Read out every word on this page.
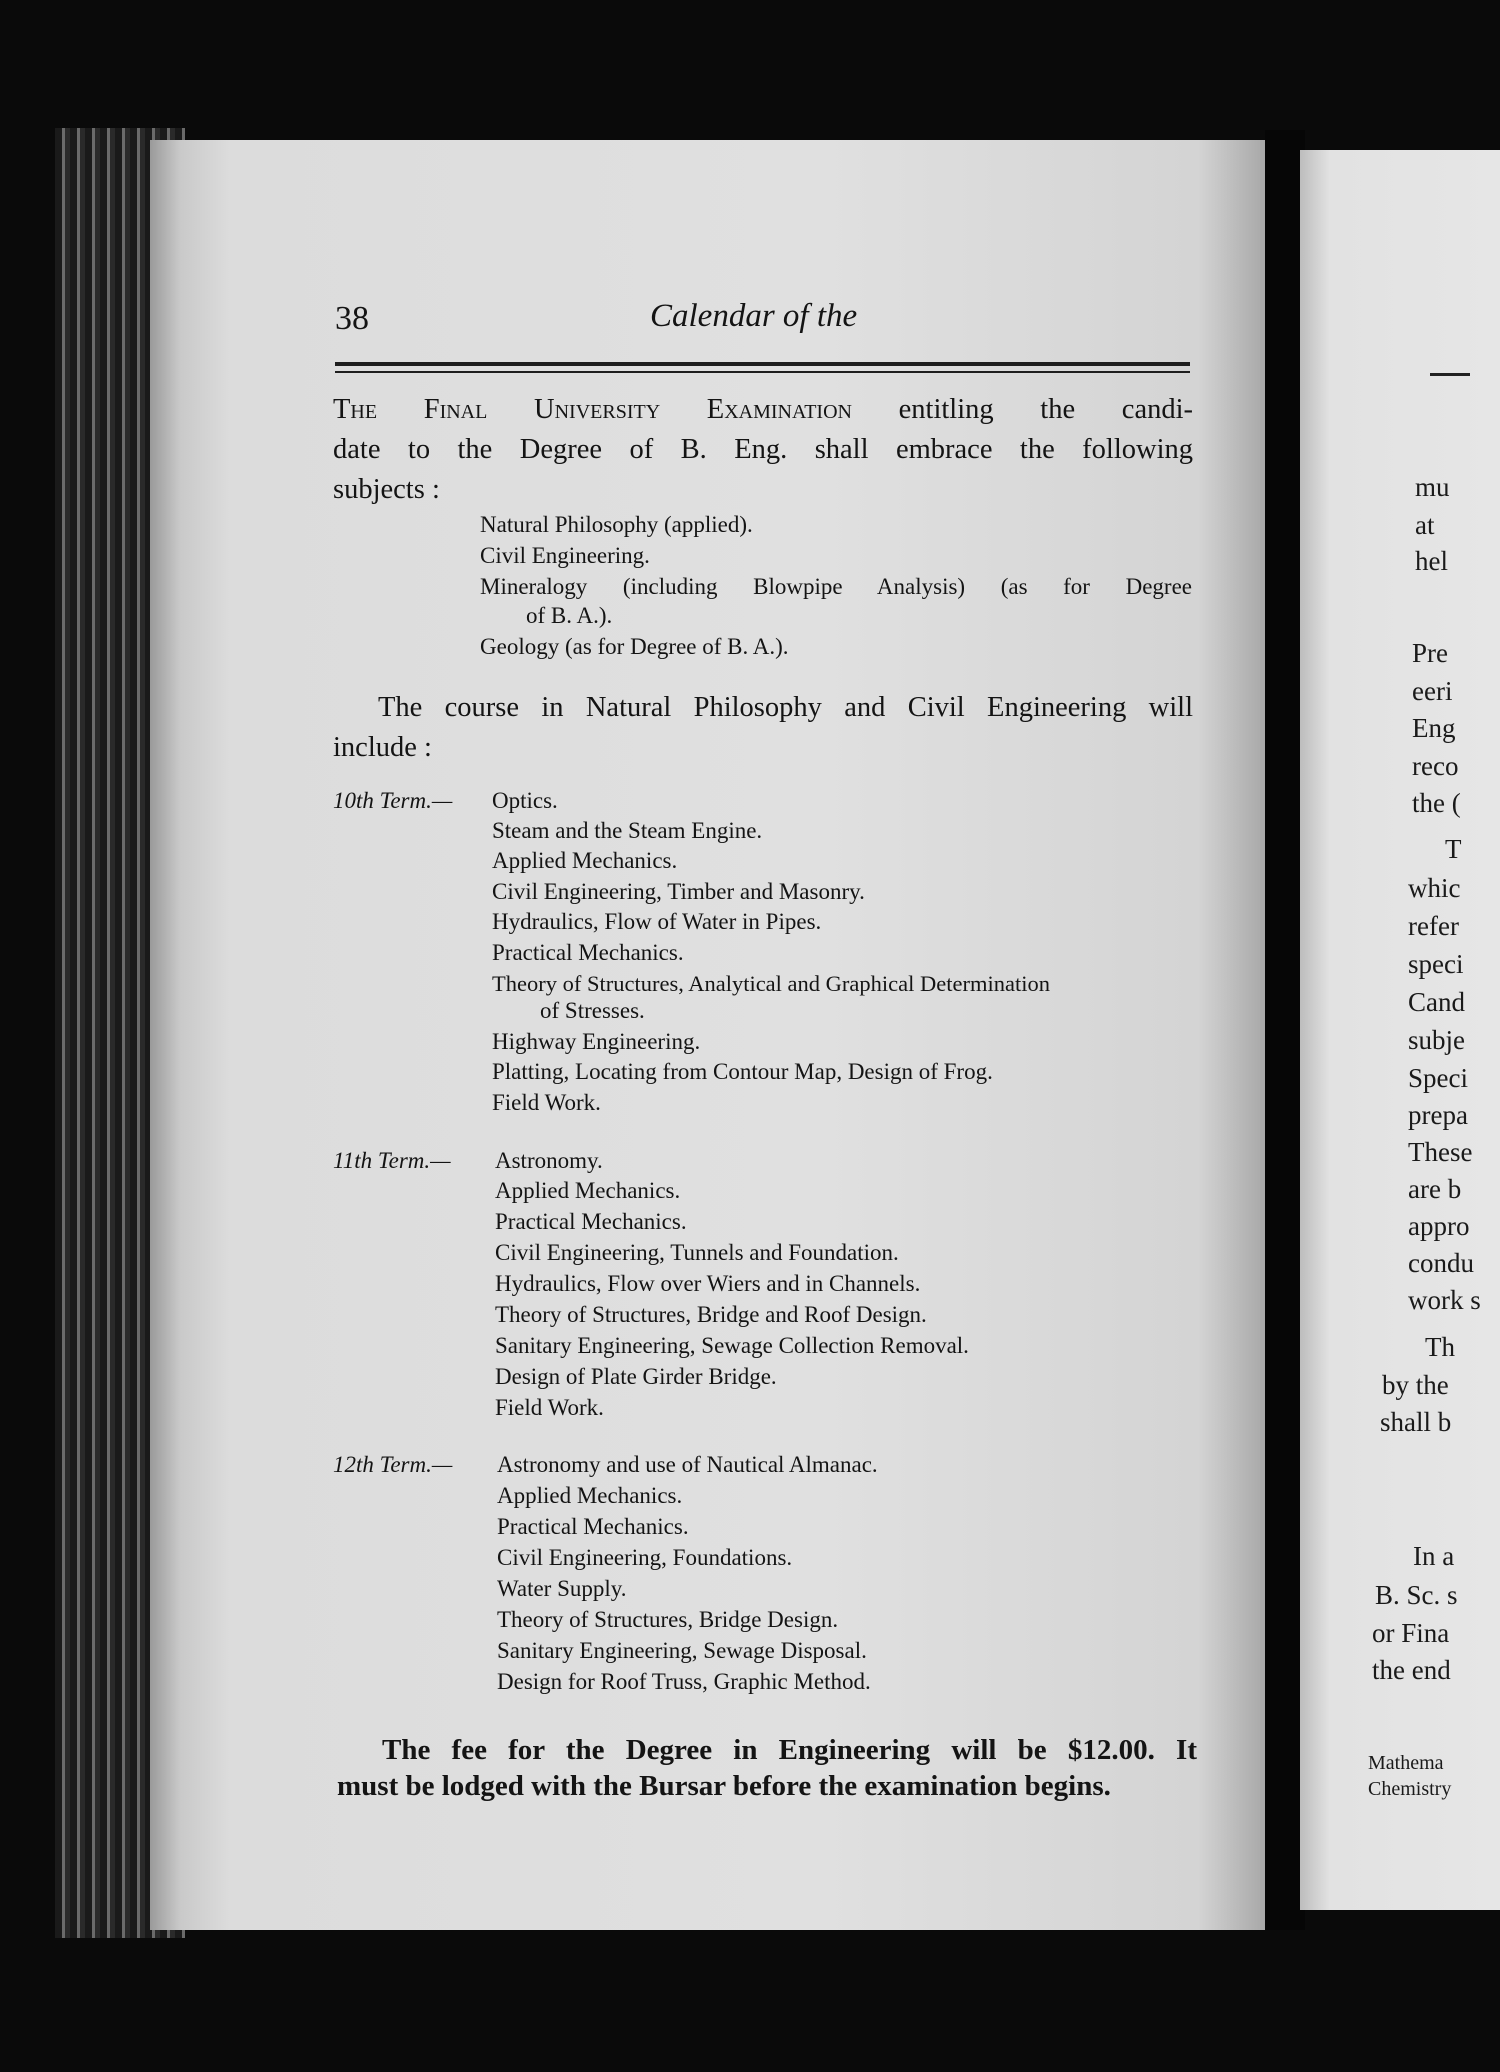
38	Calendar of the
The Final University Examination entitling the candi-
date to the Degree of B. Eng. shall embrace the following
subjects :
Natural Philosophy (applied).
Civil Engineering.
Mineralogy (including Blowpipe Analysis) (as for Degree
of B. A.).
Geology (as for Degree of B. A.).
The course in Natural Philosophy and Civil Engineering will
include :
10th Term.— Optics.
Steam and the Steam Engine.
Applied Mechanics.
Civil Engineering, Timber and Masonry.
Hydraulics, Flow of Water in Pipes.
Practical Mechanics.
Theory of Structures, Analytical and Graphical Determination
of Stresses.
Highway Engineering.
Platting, Locating from Contour Map, Design of Frog.
Field Work.
11th Term.— Astronomy.
Applied Mechanics.
Practical Mechanics.
Civil Engineering, Tunnels and Foundation.
Hydraulics, Flow over Wiers and in Channels.
Theory of Structures, Bridge and Roof Design.
Sanitary Engineering, Sewage Collection Removal.
Design of Plate Girder Bridge.
Field Work.
12th Term.— Astronomy and use of Nautical Almanac.
Applied Mechanics.
Practical Mechanics.
Civil Engineering, Foundations.
Water Supply.
Theory of Structures, Bridge Design.
Sanitary Engineering, Sewage Disposal.
Design for Roof Truss, Graphic Method.
The fee for the Degree in Engineering will be $12.00. It
must be lodged with the Bursar before the examination begins.
mu
at
hel
Pre
eeri
Eng
reco
the (
T
whic
refer
speci
Cand
subje
Speci
prepa
These
are b
appro
condu
work s
Th
by the
shall b
In a
B. Sc. s
or Fina
the end
Mathema
Chemistry
